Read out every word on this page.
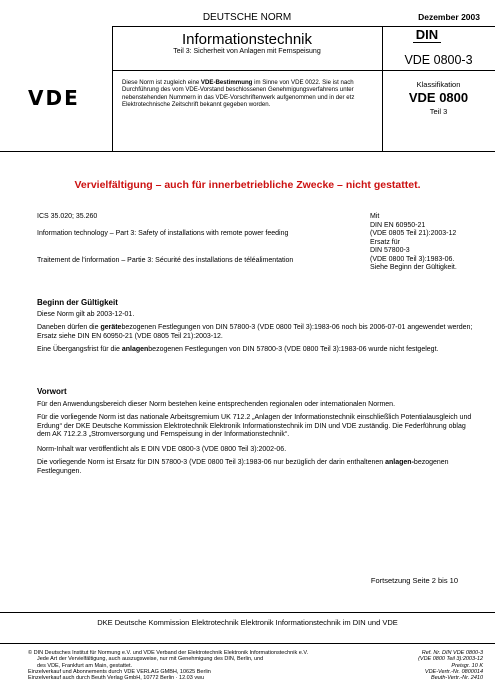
DEUTSCHE NORM	Dezember 2003
Informationstechnik
Teil 3: Sicherheit von Anlagen mit Fernspeisung
DIN
VDE 0800-3
VDE
Diese Norm ist zugleich eine VDE-Bestimmung im Sinne von VDE 0022. Sie ist nach Durchführung des vom VDE-Vorstand beschlossenen Genehmigungsverfahrens unter nebenstehenden Nummern in das VDE-Vorschriftenwerk aufgenommen und in der etz Elektrotechnische Zeitschrift bekannt gegeben worden.
Klassifikation
VDE 0800
Teil 3
Vervielfältigung – auch für innerbetriebliche Zwecke – nicht gestattet.
ICS 35.020; 35.260
Information technology – Part 3: Safety of installations with remote power feeding
Traitement de l'information – Partie 3: Sécurité des installations de téléalimentation
Mit
DIN EN 60950-21
(VDE 0805 Teil 21):2003-12
Ersatz für
DIN 57800-3
(VDE 0800 Teil 3):1983-06.
Siehe Beginn der Gültigkeit.
Beginn der Gültigkeit
Diese Norm gilt ab 2003-12-01.
Daneben dürfen die gerätebezogenen Festlegungen von DIN 57800-3 (VDE 0800 Teil 3):1983-06 noch bis 2006-07-01 angewendet werden; Ersatz siehe DIN EN 60950-21 (VDE 0805 Teil 21):2003-12.
Eine Übergangsfrist für die anlagenbezogenen Festlegungen von DIN 57800-3 (VDE 0800 Teil 3):1983-06 wurde nicht festgelegt.
Vorwort
Für den Anwendungsbereich dieser Norm bestehen keine entsprechenden regionalen oder internationalen Normen.
Für die vorliegende Norm ist das nationale Arbeitsgremium UK 712.2 „Anlagen der Informationstechnik einschließlich Potentialausgleich und Erdung“ der DKE Deutsche Kommission Elektrotechnik Elektronik Informationstechnik im DIN und VDE zuständig. Die Federführung oblag dem AK 712.2.3 „Stromversorgung und Fernspeisung in der Informationstechnik“.
Norm-Inhalt war veröffentlicht als E DIN VDE 0800-3 (VDE 0800 Teil 3):2002-06.
Die vorliegende Norm ist Ersatz für DIN 57800-3 (VDE 0800 Teil 3):1983-06 nur bezüglich der darin enthaltenen anlagen-bezogenen Festlegungen.
Fortsetzung Seite 2 bis 10
DKE Deutsche Kommission Elektrotechnik Elektronik Informationstechnik im DIN und VDE
© DIN Deutsches Institut für Normung e.V. und VDE Verband der Elektrotechnik Elektronik Informationstechnik e.V.
Jede Art der Vervielfältigung, auch auszugsweise, nur mit Genehmigung des DIN, Berlin, und
des VDE, Frankfurt am Main, gestattet.
Einzelverkauf und Abonnements durch VDE VERLAG GMBH, 10625 Berlin
Einzelverkauf auch durch Beuth Verlag GmbH, 10772 Berlin · 12.03 vwu
Ref. Nr. DIN VDE 0800-3
(VDE 0800 Teil 3):2003-12
Preisgr. 10 K
VDE-Vertr.-Nr. 0800014
Beuth-Vertr.-Nr. 2410
